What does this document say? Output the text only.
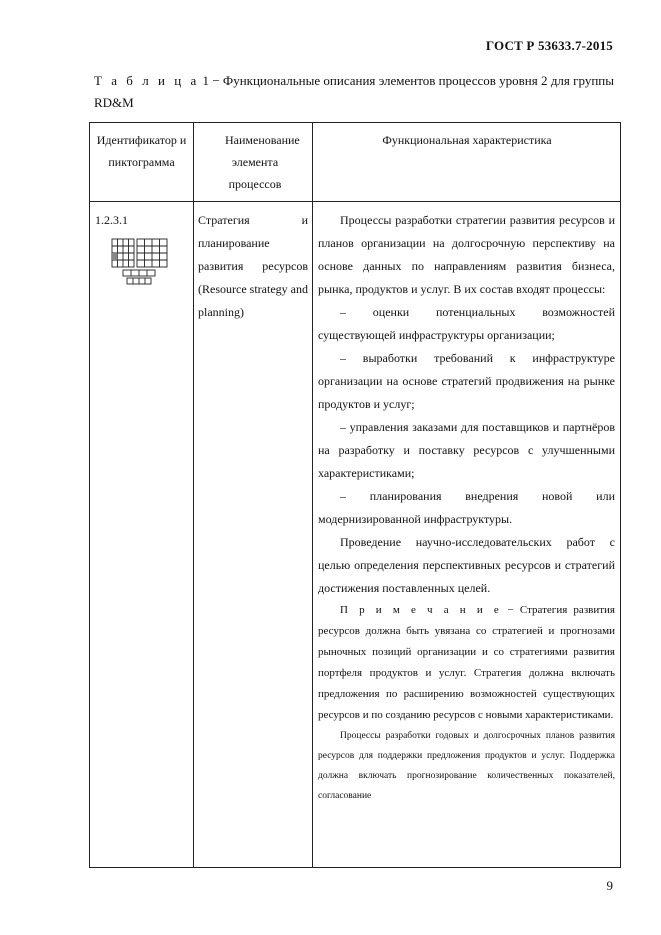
ГОСТ Р 53633.7-2015
Т а б л и ц а 1 − Функциональные описания элементов процессов уровня 2 для группы RD&M
Идентификатор и пиктограмма
Наименование элемента процессов
Функциональная характеристика
1.2.3.1	Стратегия и планирование развития ресурсов (Resource strategy and planning)

Процессы разработки стратегии развития ресурсов и планов организации на долгосрочную перспективу на основе данных по направлениям развития бизнеса, рынка, продуктов и услуг. В их состав входят процессы:

– оценки потенциальных возможностей существующей инфраструктуры организации;

– выработки требований к инфраструктуре организации на основе стратегий продвижения на рынке продуктов и услуг;

– управления заказами для поставщиков и партнёров на разработку и поставку ресурсов с улучшенными характеристиками;

– планирования внедрения новой или модернизированной инфраструктуры.

Проведение научно-исследовательских работ с целью определения перспективных ресурсов и стратегий достижения поставленных целей.

П р и м е ч а н и е − Стратегия развития ресурсов должна быть увязана со стратегией и прогнозами рыночных позиций организации и со стратегиями развития портфеля продуктов и услуг. Стратегия должна включать предложения по расширению возможностей существующих ресурсов и по созданию ресурсов с новыми характеристиками.

Процессы разработки годовых и долгосрочных планов развития ресурсов для поддержки предложения продуктов и услуг. Поддержка должна включать прогнозирование количественных показателей, согласование

9
